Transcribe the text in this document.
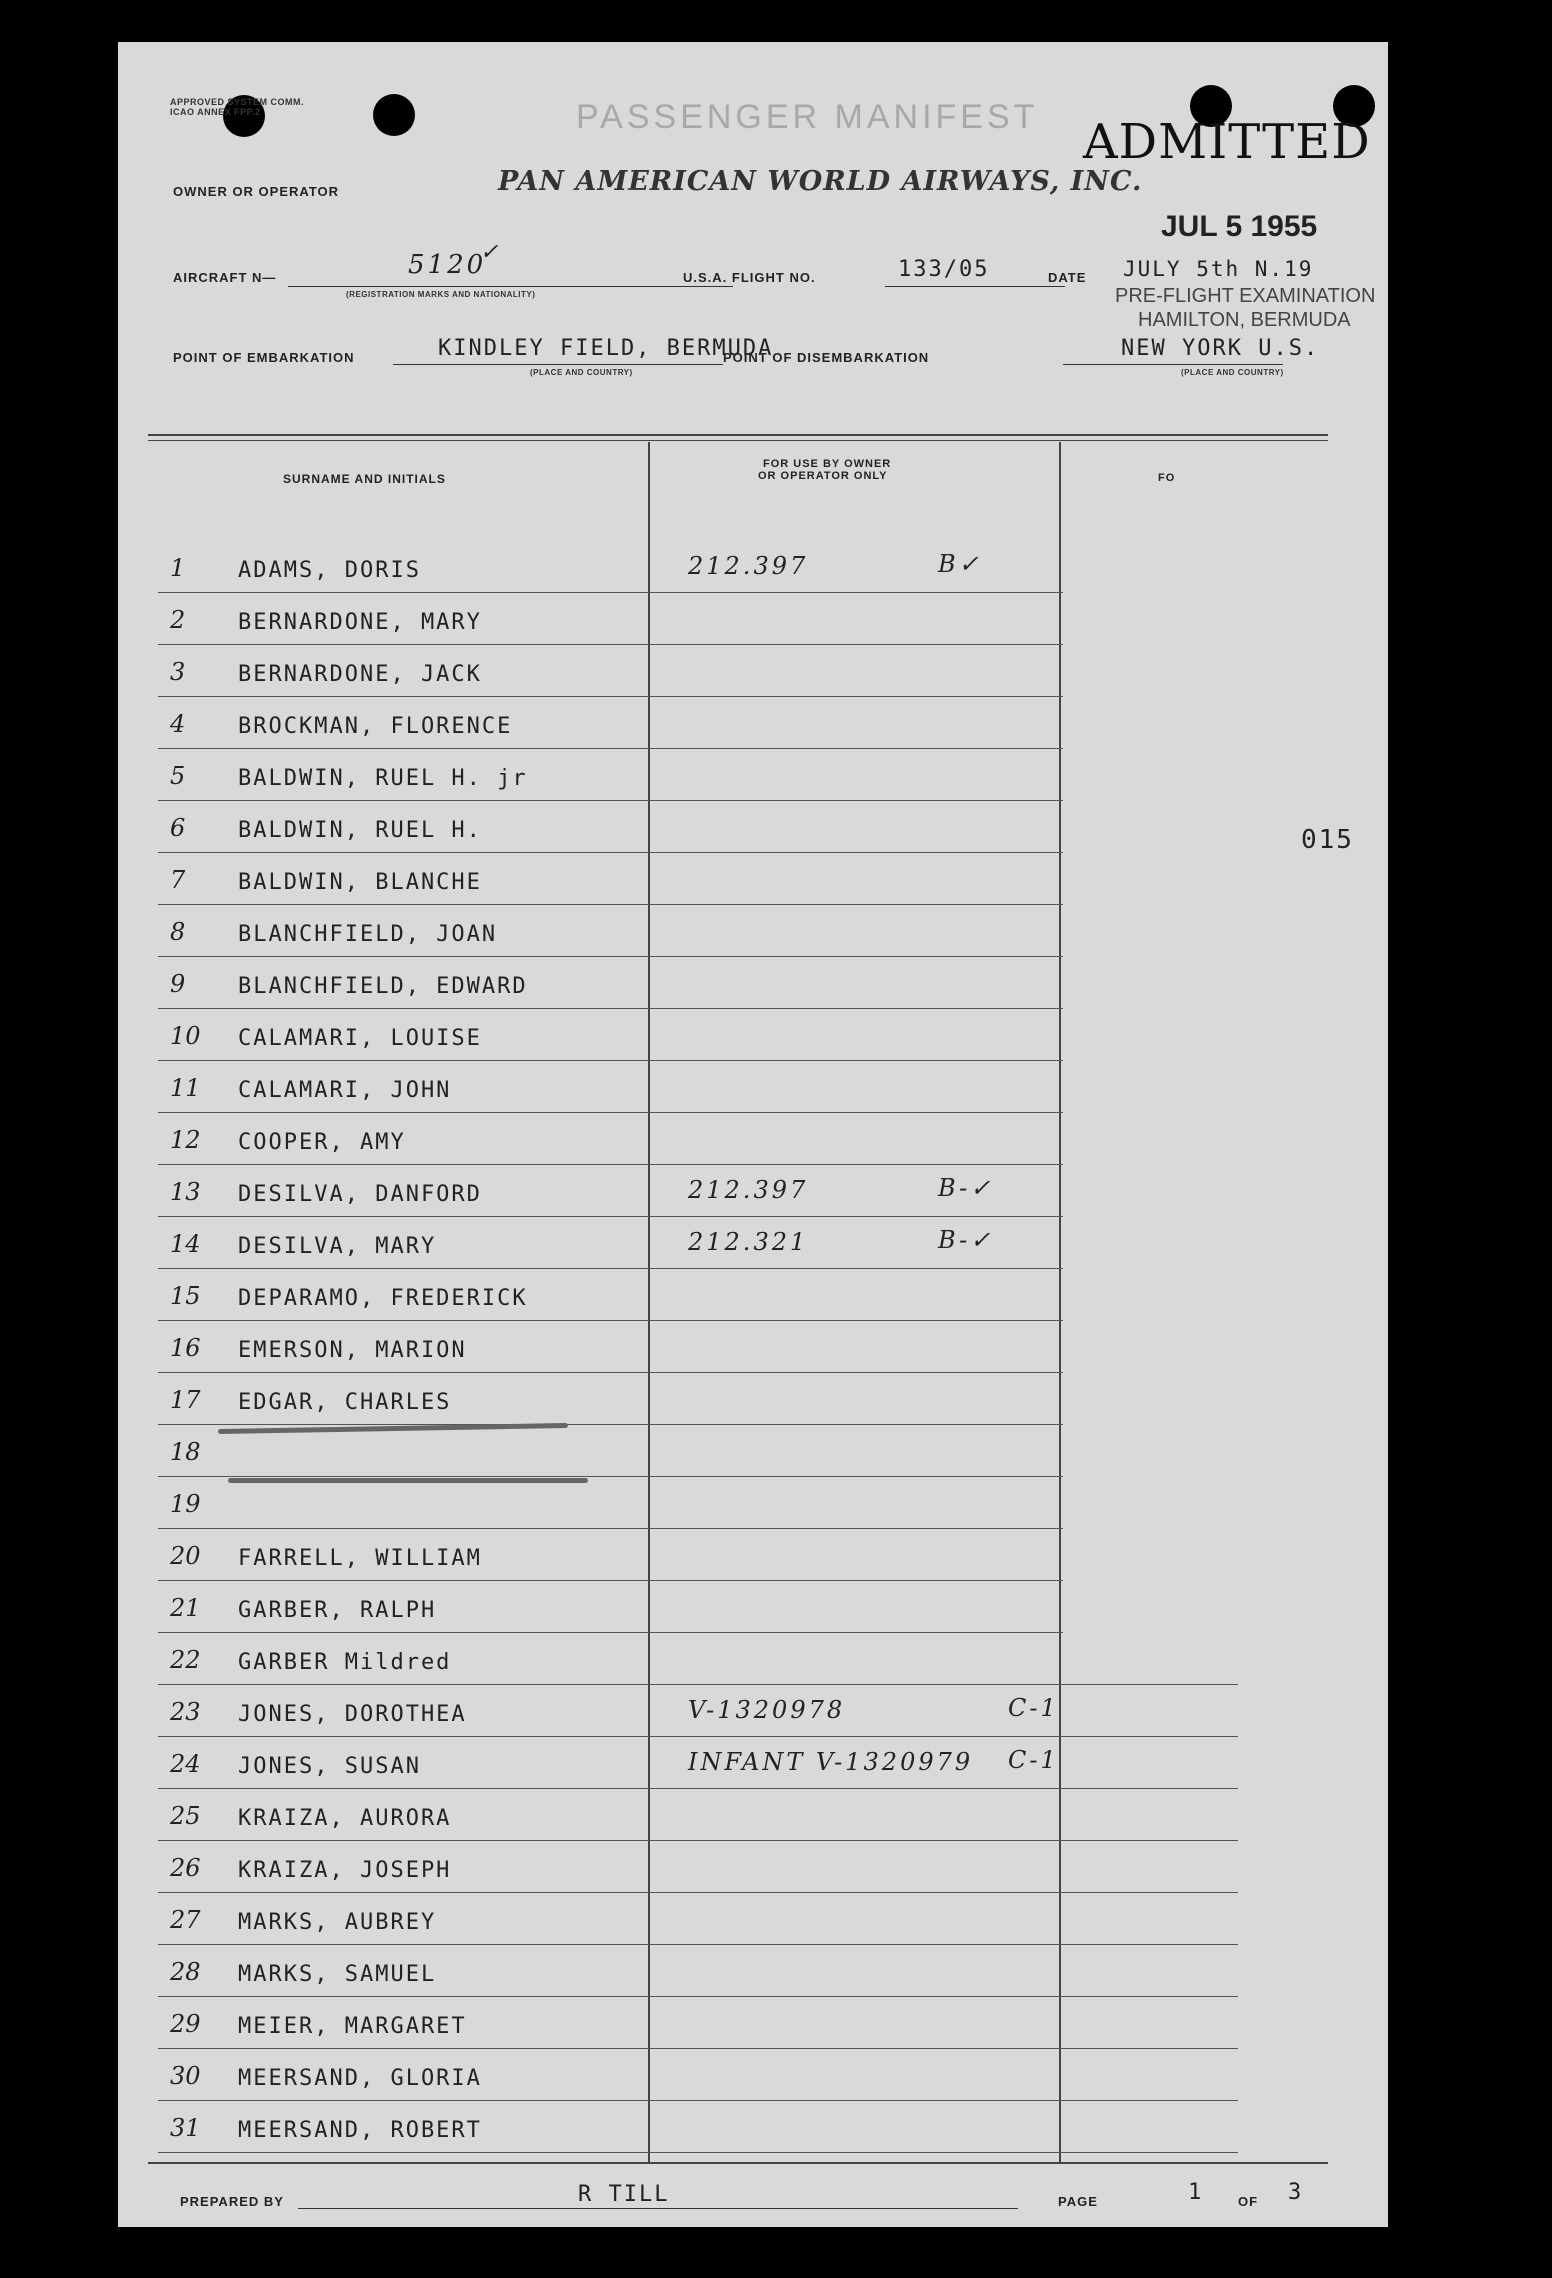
APPROVED SYSTEM COMM. ICAO ANNEX FPP.2	PASSENGER MANIFEST ADMITTED
OWNER OR OPERATOR	PAN AMERICAN WORLD AIRWAYS, INC.
JUL 5 1955
AIRCRAFT N—	5120
✓
(REGISTRATION MARKS AND NATIONALITY)
U.S.A. FLIGHT NO.	133/05	DATE JULY 5th N.19
PRE-FLIGHT EXAMINATION
HAMILTON, BERMUDA
POINT OF EMBARKATION	KINDLEY FIELD, BERMUDA
(PLACE AND COUNTRY)
POINT OF DISEMBARKATION	NEW YORK U.S.
(PLACE AND COUNTRY)
SURNAME AND INITIALS
FOR USE BY OWNER
OR OPERATOR ONLY	FO
015
1 ADAMS, DORIS	212.397	B✓
2 BERNARDONE, MARY
3 BERNARDONE, JACK
4 BROCKMAN, FLORENCE
5 BALDWIN, RUEL H. jr
6 BALDWIN, RUEL H.
7 BALDWIN, BLANCHE
8 BLANCHFIELD, JOAN
9 BLANCHFIELD, EDWARD
10 CALAMARI, LOUISE
11 CALAMARI, JOHN
12 COOPER, AMY
13 DESILVA, DANFORD	212.397	B-✓
14 DESILVA, MARY	212.321	B-✓
15 DEPARAMO, FREDERICK
16 EMERSON, MARION
17 EDGAR, CHARLES
18
19
20 FARRELL, WILLIAM
21 GARBER, RALPH
22 GARBER Mildred
23 JONES, DOROTHEA	V-1320978	C-1
24 JONES, SUSAN	INFANT V-1320979 C-1
25 KRAIZA, AURORA
26 KRAIZA, JOSEPH
27 MARKS, AUBREY
28 MARKS, SAMUEL
29 MEIER, MARGARET
30 MEERSAND, GLORIA
31 MEERSAND, ROBERT
PREPARED BY	R TILL	PAGE	1	OF 3
